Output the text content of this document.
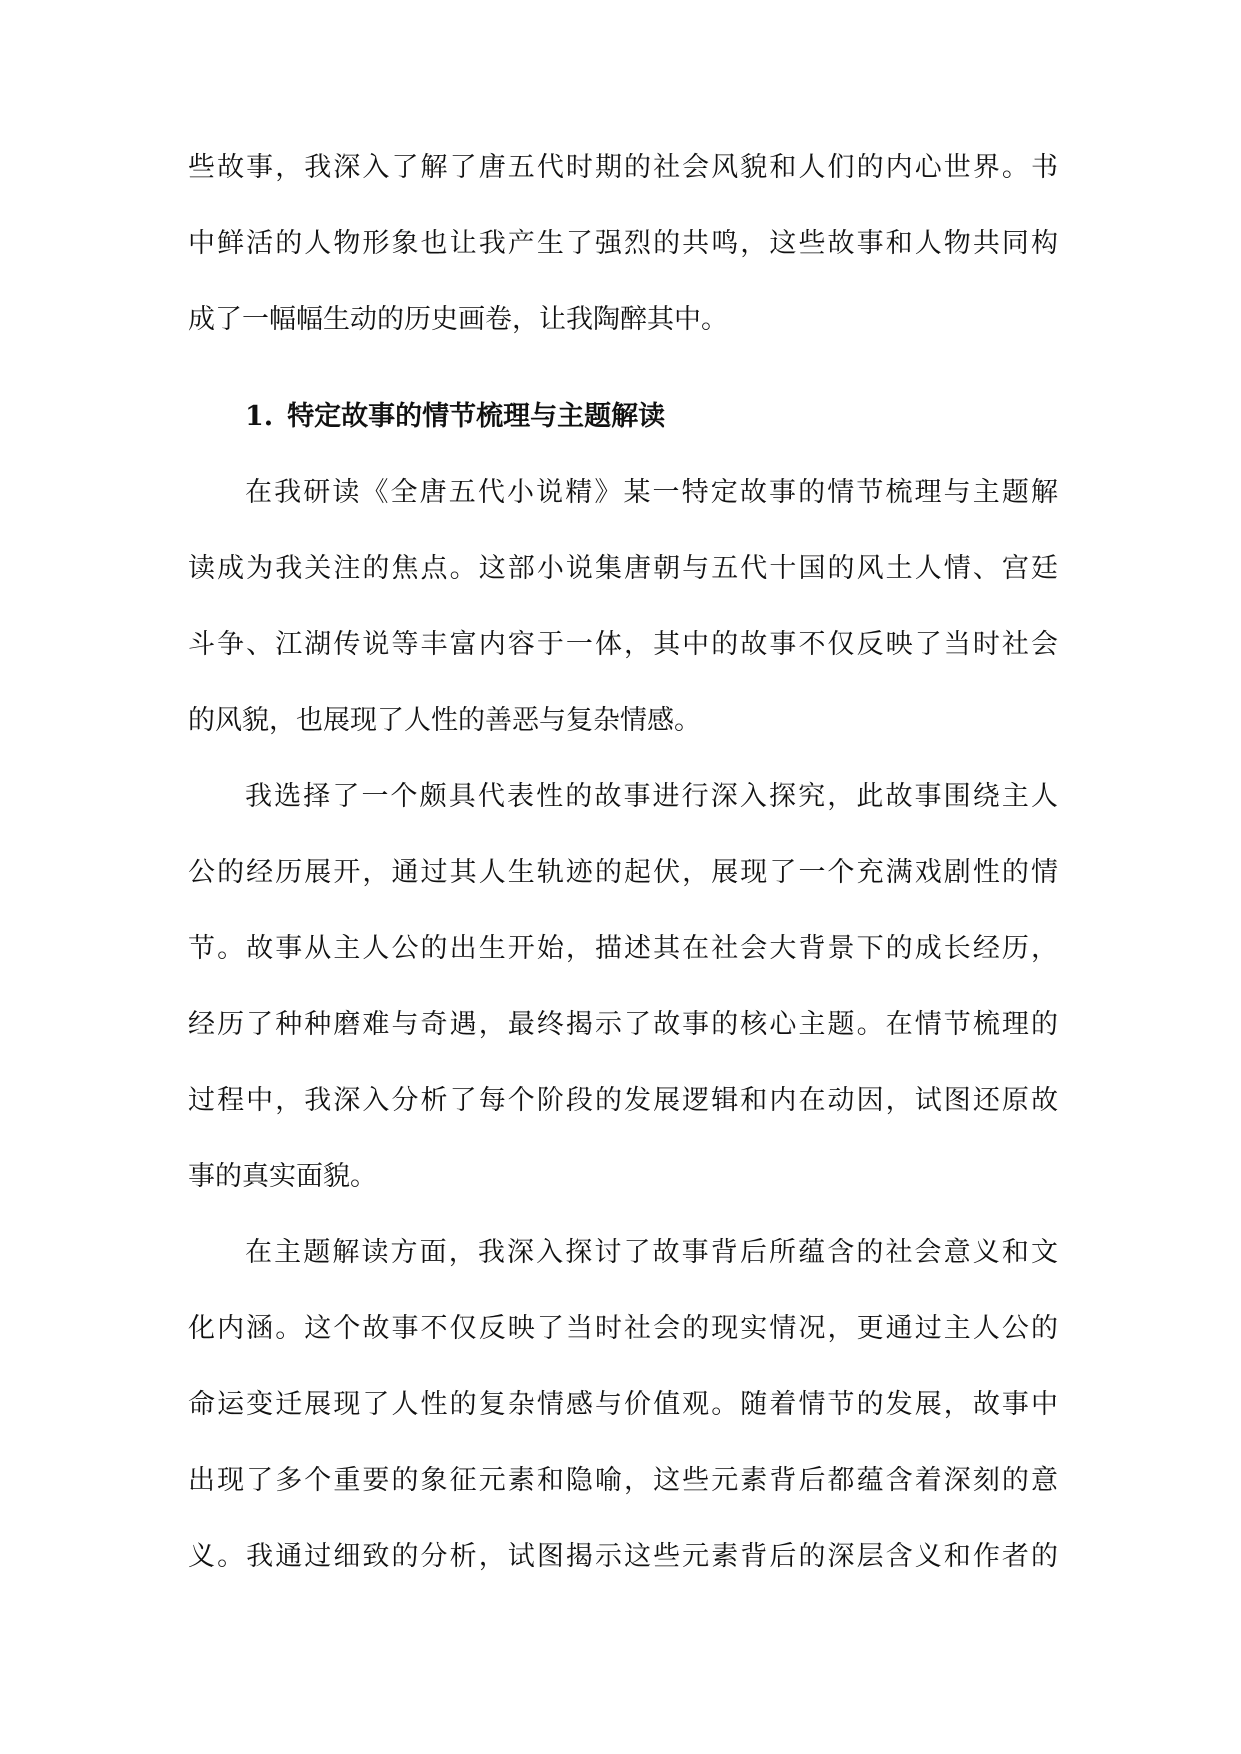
些故事，我深入了解了唐五代时期的社会风貌和人们的内心世界。书
中鲜活的人物形象也让我产生了强烈的共鸣，这些故事和人物共同构
成了一幅幅生动的历史画卷，让我陶醉其中。
1. 特定故事的情节梳理与主题解读
在我研读《全唐五代小说精》某一特定故事的情节梳理与主题解
读成为我关注的焦点。这部小说集唐朝与五代十国的风土人情、宫廷
斗争、江湖传说等丰富内容于一体，其中的故事不仅反映了当时社会
的风貌，也展现了人性的善恶与复杂情感。
我选择了一个颇具代表性的故事进行深入探究，此故事围绕主人
公的经历展开，通过其人生轨迹的起伏，展现了一个充满戏剧性的情
节。故事从主人公的出生开始，描述其在社会大背景下的成长经历，
经历了种种磨难与奇遇，最终揭示了故事的核心主题。在情节梳理的
过程中，我深入分析了每个阶段的发展逻辑和内在动因，试图还原故
事的真实面貌。
在主题解读方面，我深入探讨了故事背后所蕴含的社会意义和文
化内涵。这个故事不仅反映了当时社会的现实情况，更通过主人公的
命运变迁展现了人性的复杂情感与价值观。随着情节的发展，故事中
出现了多个重要的象征元素和隐喻，这些元素背后都蕴含着深刻的意
义。我通过细致的分析，试图揭示这些元素背后的深层含义和作者的
